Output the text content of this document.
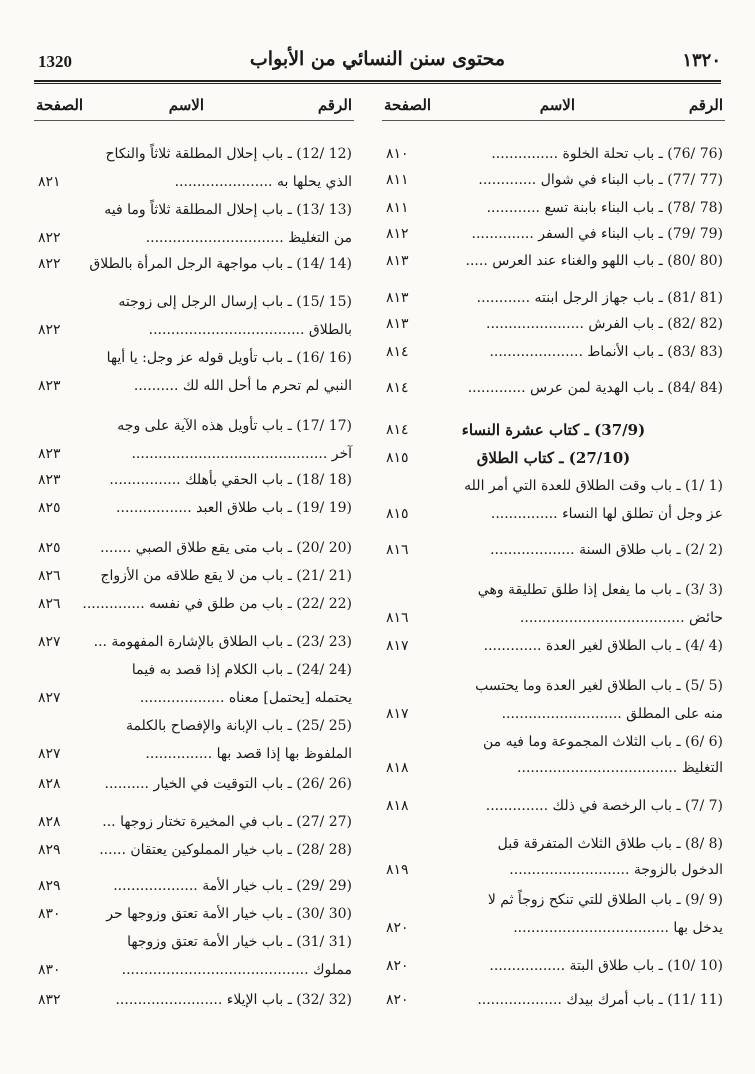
1320	محتوى سنن النسائي من الأبواب	١٣٢٠
الرقم
الاسم
الصفحة
(76 /76) ـ باب تحلة الخلوة ...............
٨١٠
(77 /77) ـ باب البناء في شوال .............
٨١١
(78 /78) ـ باب البناء بابنة تسع ............
٨١١
(79 /79) ـ باب البناء في السفر ..............
٨١٢
(80 /80) ـ باب اللهو والغناء عند العرس .....
٨١٣
(81 /81) ـ باب جهاز الرجل ابنته ............
٨١٣
(82 /82) ـ باب الفرش ......................
٨١٣
(83 /83) ـ باب الأنماط .....................
٨١٤
(84 /84) ـ باب الهدية لمن عرس .............
٨١٤
(37/9) ـ كتاب عشرة النساء
٨١٤
(27/10) ـ كتاب الطلاق
٨١٥
(1 /1) ـ باب وقت الطلاق للعدة التي أمر الله
عز وجل أن تطلق لها النساء ...............
٨١٥
(2 /2) ـ باب طلاق السنة ...................
٨١٦
(3 /3) ـ باب ما يفعل إذا طلق تطليقة وهي
حائض .....................................
٨١٦
(4 /4) ـ باب الطلاق لغير العدة .............
٨١٧
(5 /5) ـ باب الطلاق لغير العدة وما يحتسب
منه على المطلق ...........................
٨١٧
(6 /6) ـ باب الثلاث المجموعة وما فيه من
التغليظ ....................................
٨١٨
(7 /7) ـ باب الرخصة في ذلك ..............
٨١٨
(8 /8) ـ باب طلاق الثلاث المتفرقة قبل
الدخول بالزوجة ...........................
٨١٩
(9 /9) ـ باب الطلاق للتي تنكح زوجاً ثم لا
يدخل بها ...................................
٨٢٠
(10 /10) ـ باب طلاق البتة .................
٨٢٠
(11 /11) ـ باب أمرك بيدك ...................
٨٢٠
الرقم
الاسم
الصفحة
(12 /12) ـ باب إحلال المطلقة ثلاثاً والنكاح
الذي يحلها به ......................
٨٢١
(13 /13) ـ باب إحلال المطلقة ثلاثاً وما فيه
من التغليظ ...............................
٨٢٢
(14 /14) ـ باب مواجهة الرجل المرأة بالطلاق
٨٢٢
(15 /15) ـ باب إرسال الرجل إلى زوجته
بالطلاق ...................................
٨٢٢
(16 /16) ـ باب تأويل قوله عز وجل: يا أيها
النبي لم تحرم ما أحل الله لك ..........
٨٢٣
(17 /17) ـ باب تأويل هذه الآية على وجه
آخر ............................................
٨٢٣
(18 /18) ـ باب الحقي بأهلك ................
٨٢٣
(19 /19) ـ باب طلاق العبد .................
٨٢٥
(20 /20) ـ باب متى يقع طلاق الصبي .......
٨٢٥
(21 /21) ـ باب من لا يقع طلاقه من الأزواج
٨٢٦
(22 /22) ـ باب من طلق في نفسه ..............
٨٢٦
(23 /23) ـ باب الطلاق بالإشارة المفهومة ...
٨٢٧
(24 /24) ـ باب الكلام إذا قصد به فيما
يحتمله [يحتمل] معناه ...................
٨٢٧
(25 /25) ـ باب الإبانة والإفصاح بالكلمة
الملفوظ بها إذا قصد بها ...............
٨٢٧
(26 /26) ـ باب التوقيت في الخيار ..........
٨٢٨
(27 /27) ـ باب في المخيرة تختار زوجها ...
٨٢٨
(28 /28) ـ باب خيار المملوكين يعتقان ......
٨٢٩
(29 /29) ـ باب خيار الأمة ...................
٨٢٩
(30 /30) ـ باب خيار الأمة تعتق وزوجها حر
٨٣٠
(31 /31) ـ باب خيار الأمة تعتق وزوجها
مملوك ..........................................
٨٣٠
(32 /32) ـ باب الإيلاء ........................
٨٣٢
